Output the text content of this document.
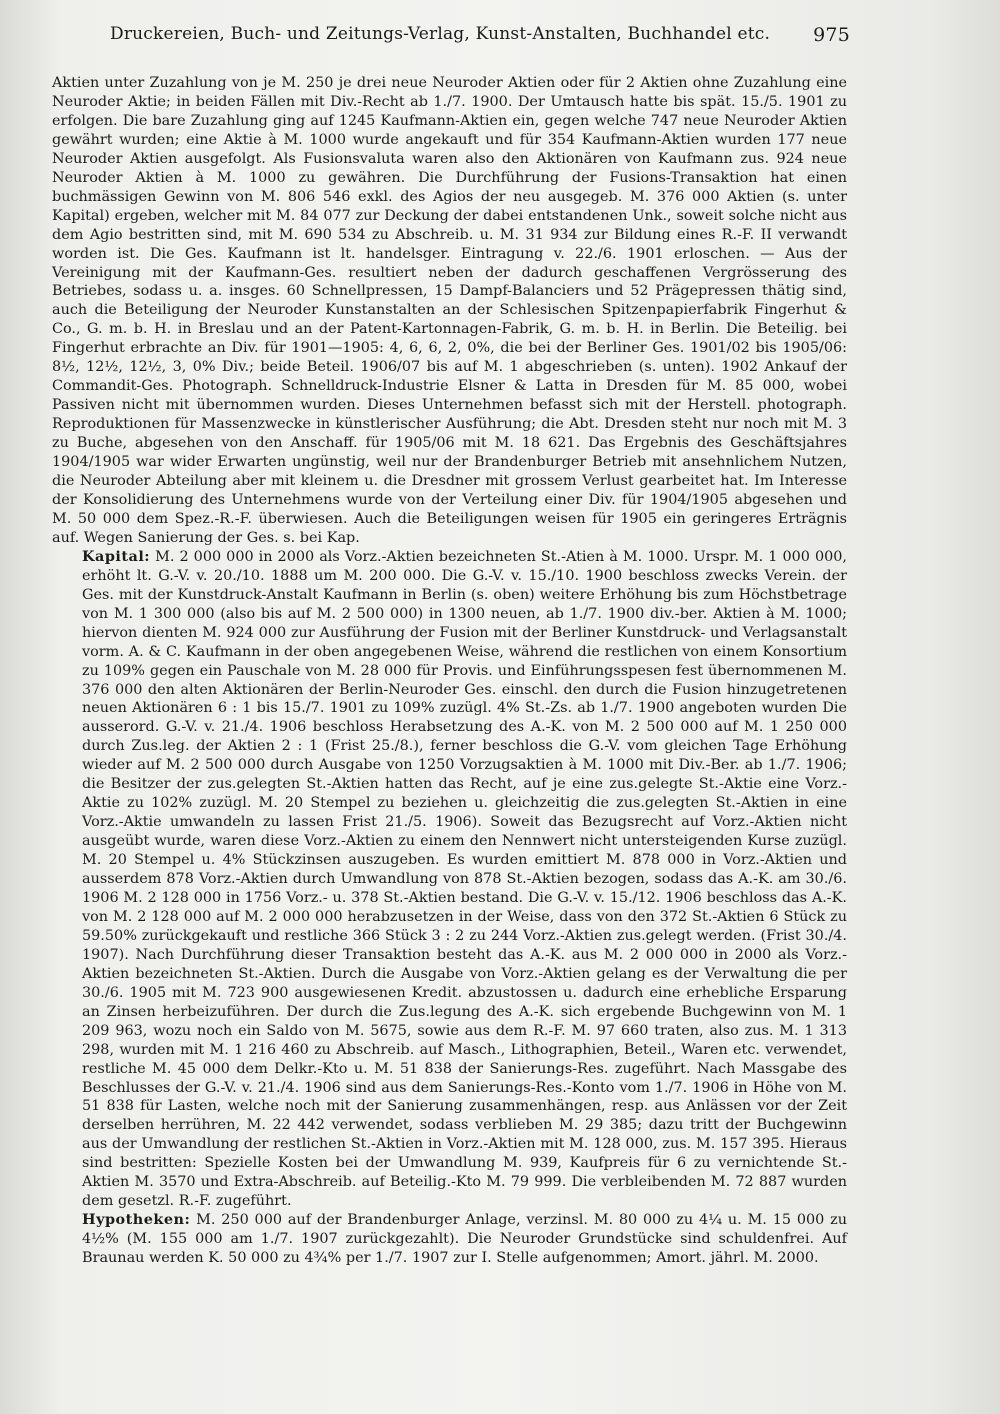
Druckereien, Buch- und Zeitungs-Verlag, Kunst-Anstalten, Buchhandel etc. 975

Aktien unter Zuzahlung von je M. 250 je drei neue Neuroder Aktien oder für 2 Aktien ohne Zuzahlung eine Neuroder Aktie; in beiden Fällen mit Div.-Recht ab 1./7. 1900. Der Umtausch hatte bis spät. 15./5. 1901 zu erfolgen. Die bare Zuzahlung ging auf 1245 Kaufmann-Aktien ein, gegen welche 747 neue Neuroder Aktien gewährt wurden; eine Aktie à M. 1000 wurde angekauft und für 354 Kaufmann-Aktien wurden 177 neue Neuroder Aktien ausgefolgt. Als Fusionsvaluta waren also den Aktionären von Kaufmann zus. 924 neue Neuroder Aktien à M. 1000 zu gewähren. Die Durchführung der Fusions-Transaktion hat einen buchmässigen Gewinn von M. 806 546 exkl. des Agios der neu ausgegeb. M. 376 000 Aktien (s. unter Kapital) ergeben, welcher mit M. 84 077 zur Deckung der dabei entstandenen Unk., soweit solche nicht aus dem Agio bestritten sind, mit M. 690 534 zu Abschreib. u. M. 31 934 zur Bildung eines R.-F. II verwandt worden ist. Die Ges. Kaufmann ist lt. handelsger. Eintragung v. 22./6. 1901 erloschen. — Aus der Vereinigung mit der Kaufmann-Ges. resultiert neben der dadurch geschaffenen Vergrösserung des Betriebes, sodass u. a. insges. 60 Schnellpressen, 15 Dampf-Balanciers und 52 Prägepressen thätig sind, auch die Beteiligung der Neuroder Kunstanstalten an der Schlesischen Spitzenpapierfabrik Fingerhut & Co., G. m. b. H. in Breslau und an der Patent-Kartonnagen-Fabrik, G. m. b. H. in Berlin. Die Beteilig. bei Fingerhut erbrachte an Div. für 1901—1905: 4, 6, 6, 2, 0%, die bei der Berliner Ges. 1901/02 bis 1905/06: 8½, 12½, 12½, 3, 0% Div.; beide Beteil. 1906/07 bis auf M. 1 abgeschrieben (s. unten). 1902 Ankauf der Commandit-Ges. Photograph. Schnelldruck-Industrie Elsner & Latta in Dresden für M. 85 000, wobei Passiven nicht mit übernommen wurden. Dieses Unternehmen befasst sich mit der Herstell. photograph. Reproduktionen für Massenzwecke in künstlerischer Ausführung; die Abt. Dresden steht nur noch mit M. 3 zu Buche, abgesehen von den Anschaff. für 1905/06 mit M. 18 621. Das Ergebnis des Geschäftsjahres 1904/1905 war wider Erwarten ungünstig, weil nur der Brandenburger Betrieb mit ansehnlichem Nutzen, die Neuroder Abteilung aber mit kleinem u. die Dresdner mit grossem Verlust gearbeitet hat. Im Interesse der Konsolidierung des Unternehmens wurde von der Verteilung einer Div. für 1904/1905 abgesehen und M. 50 000 dem Spez.-R.-F. überwiesen. Auch die Beteiligungen weisen für 1905 ein geringeres Erträgnis auf. Wegen Sanierung der Ges. s. bei Kap.

Kapital: M. 2 000 000 in 2000 als Vorz.-Aktien bezeichneten St.-Atien à M. 1000. Urspr. M. 1 000 000, erhöht lt. G.-V. v. 20./10. 1888 um M. 200 000. Die G.-V. v. 15./10. 1900 beschloss zwecks Verein. der Ges. mit der Kunstdruck-Anstalt Kaufmann in Berlin (s. oben) weitere Erhöhung bis zum Höchstbetrage von M. 1 300 000 (also bis auf M. 2 500 000) in 1300 neuen, ab 1./7. 1900 div.-ber. Aktien à M. 1000; hiervon dienten M. 924 000 zur Ausführung der Fusion mit der Berliner Kunstdruck- und Verlagsanstalt vorm. A. & C. Kaufmann in der oben angegebenen Weise, während die restlichen von einem Konsortium zu 109% gegen ein Pauschale von M. 28 000 für Provis. und Einführungsspesen fest übernommenen M. 376 000 den alten Aktionären der Berlin-Neuroder Ges. einschl. den durch die Fusion hinzugetretenen neuen Aktionären 6 : 1 bis 15./7. 1901 zu 109% zuzügl. 4% St.-Zs. ab 1./7. 1900 angeboten wurden Die ausserord. G.-V. v. 21./4. 1906 beschloss Herabsetzung des A.-K. von M. 2 500 000 auf M. 1 250 000 durch Zus.leg. der Aktien 2 : 1 (Frist 25./8.), ferner beschloss die G.-V. vom gleichen Tage Erhöhung wieder auf M. 2 500 000 durch Ausgabe von 1250 Vorzugsaktien à M. 1000 mit Div.-Ber. ab 1./7. 1906; die Besitzer der zus.gelegten St.-Aktien hatten das Recht, auf je eine zus.gelegte St.-Aktie eine Vorz.-Aktie zu 102% zuzügl. M. 20 Stempel zu beziehen u. gleichzeitig die zus.gelegten St.-Aktien in eine Vorz.-Aktie umwandeln zu lassen Frist 21./5. 1906). Soweit das Bezugsrecht auf Vorz.-Aktien nicht ausgeübt wurde, waren diese Vorz.-Aktien zu einem den Nennwert nicht untersteigenden Kurse zuzügl. M. 20 Stempel u. 4% Stückzinsen auszugeben. Es wurden emittiert M. 878 000 in Vorz.-Aktien und ausserdem 878 Vorz.-Aktien durch Umwandlung von 878 St.-Aktien bezogen, sodass das A.-K. am 30./6. 1906 M. 2 128 000 in 1756 Vorz.- u. 378 St.-Aktien bestand. Die G.-V. v. 15./12. 1906 beschloss das A.-K. von M. 2 128 000 auf M. 2 000 000 herabzusetzen in der Weise, dass von den 372 St.-Aktien 6 Stück zu 59.50% zurückgekauft und restliche 366 Stück 3 : 2 zu 244 Vorz.-Aktien zus.gelegt werden. (Frist 30./4. 1907). Nach Durchführung dieser Transaktion besteht das A.-K. aus M. 2 000 000 in 2000 als Vorz.-Aktien bezeichneten St.-Aktien. Durch die Ausgabe von Vorz.-Aktien gelang es der Verwaltung die per 30./6. 1905 mit M. 723 900 ausgewiesenen Kredit. abzustossen u. dadurch eine erhebliche Ersparung an Zinsen herbeizuführen. Der durch die Zus.legung des A.-K. sich ergebende Buchgewinn von M. 1 209 963, wozu noch ein Saldo von M. 5675, sowie aus dem R.-F. M. 97 660 traten, also zus. M. 1 313 298, wurden mit M. 1 216 460 zu Abschreib. auf Masch., Lithographien, Beteil., Waren etc. verwendet, restliche M. 45 000 dem Delkr.-Kto u. M. 51 838 der Sanierungs-Res. zugeführt. Nach Massgabe des Beschlusses der G.-V. v. 21./4. 1906 sind aus dem Sanierungs-Res.-Konto vom 1./7. 1906 in Höhe von M. 51 838 für Lasten, welche noch mit der Sanierung zusammenhängen, resp. aus Anlässen vor der Zeit derselben herrühren, M. 22 442 verwendet, sodass verblieben M. 29 385; dazu tritt der Buchgewinn aus der Umwandlung der restlichen St.-Aktien in Vorz.-Aktien mit M. 128 000, zus. M. 157 395. Hieraus sind bestritten: Spezielle Kosten bei der Umwandlung M. 939, Kaufpreis für 6 zu vernichtende St.-Aktien M. 3570 und Extra-Abschreib. auf Beteilig.-Kto M. 79 999. Die verbleibenden M. 72 887 wurden dem gesetzl. R.-F. zugeführt.

Hypotheken: M. 250 000 auf der Brandenburger Anlage, verzinsl. M. 80 000 zu 4¼ u. M. 15 000 zu 4½% (M. 155 000 am 1./7. 1907 zurückgezahlt). Die Neuroder Grundstücke sind schuldenfrei. Auf Braunau werden K. 50 000 zu 4¾% per 1./7. 1907 zur I. Stelle aufgenommen; Amort. jährl. M. 2000.
